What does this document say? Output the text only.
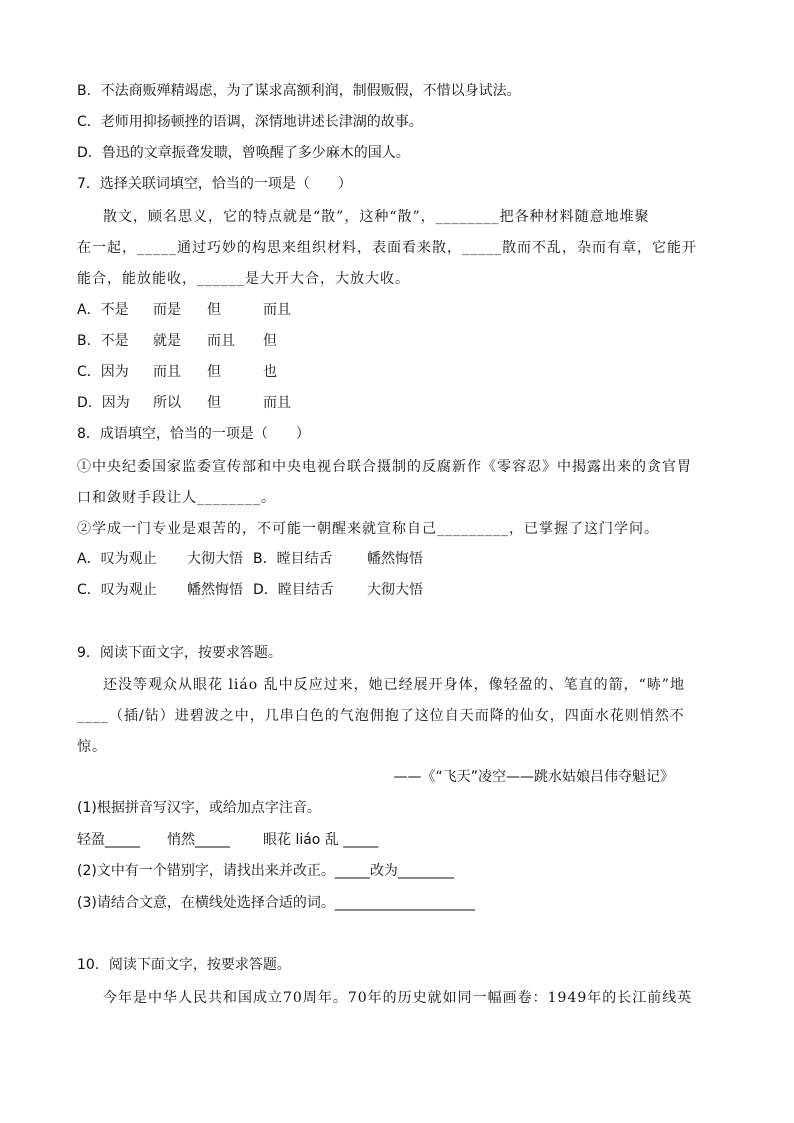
B．不法商贩殚精竭虑，为了谋求高额利润，制假贩假，不惜以身试法。
C．老师用抑扬顿挫的语调，深情地讲述长津湖的故事。
D．鲁迅的文章振聋发聩，曾唤醒了多少麻木的国人。
7．选择关联词填空，恰当的一项是（　　）
散文，顾名思义，它的特点就是“散”，这种“散”，________把各种材料随意地堆聚
在一起，_____通过巧妙的构思来组织材料，表面看来散，_____散而不乱，杂而有章，它能开
能合，能放能收，______是大开大合，大放大收。
A．不是 而是 但	而且
B．不是 就是 而且 但
C．因为 而且 但	也
D．因为 所以 但	而且
8．成语填空，恰当的一项是（　　）
①中央纪委国家监委宣传部和中央电视台联合摄制的反腐新作《零容忍》中揭露出来的贪官胃
口和敛财手段让人________。
②学成一门专业是艰苦的，不可能一朝醒来就宣称自己_________，已掌握了这门学问。
A．叹为观止 大彻大悟 B．瞠目结舌 幡然悔悟
C．叹为观止 幡然悔悟 D．瞠目结舌 大彻大悟
9．阅读下面文字，按要求答题。
还没等观众从眼花 liáo 乱中反应过来，她已经展开身体，像轻盈的、笔直的箭，“哧”地
____（插/钻）进碧波之中，几串白色的气泡佣抱了这位自天而降的仙女，四面水花则悄然不
惊。
——《“飞天”凌空——跳水姑娘吕伟夺魁记》
(1)根据拼音写汉字，或给加点字注音。
轻盈_____ 悄然_____ 眼花 liáo 乱 _____
(2)文中有一个错别字，请找出来并改正。_____改为________
(3)请结合文意，在横线处选择合适的词。____________________
10．阅读下面文字，按要求答题。
今年是中华人民共和国成立70周年。70年的历史就如同一幅画卷：1949年的长江前线英
